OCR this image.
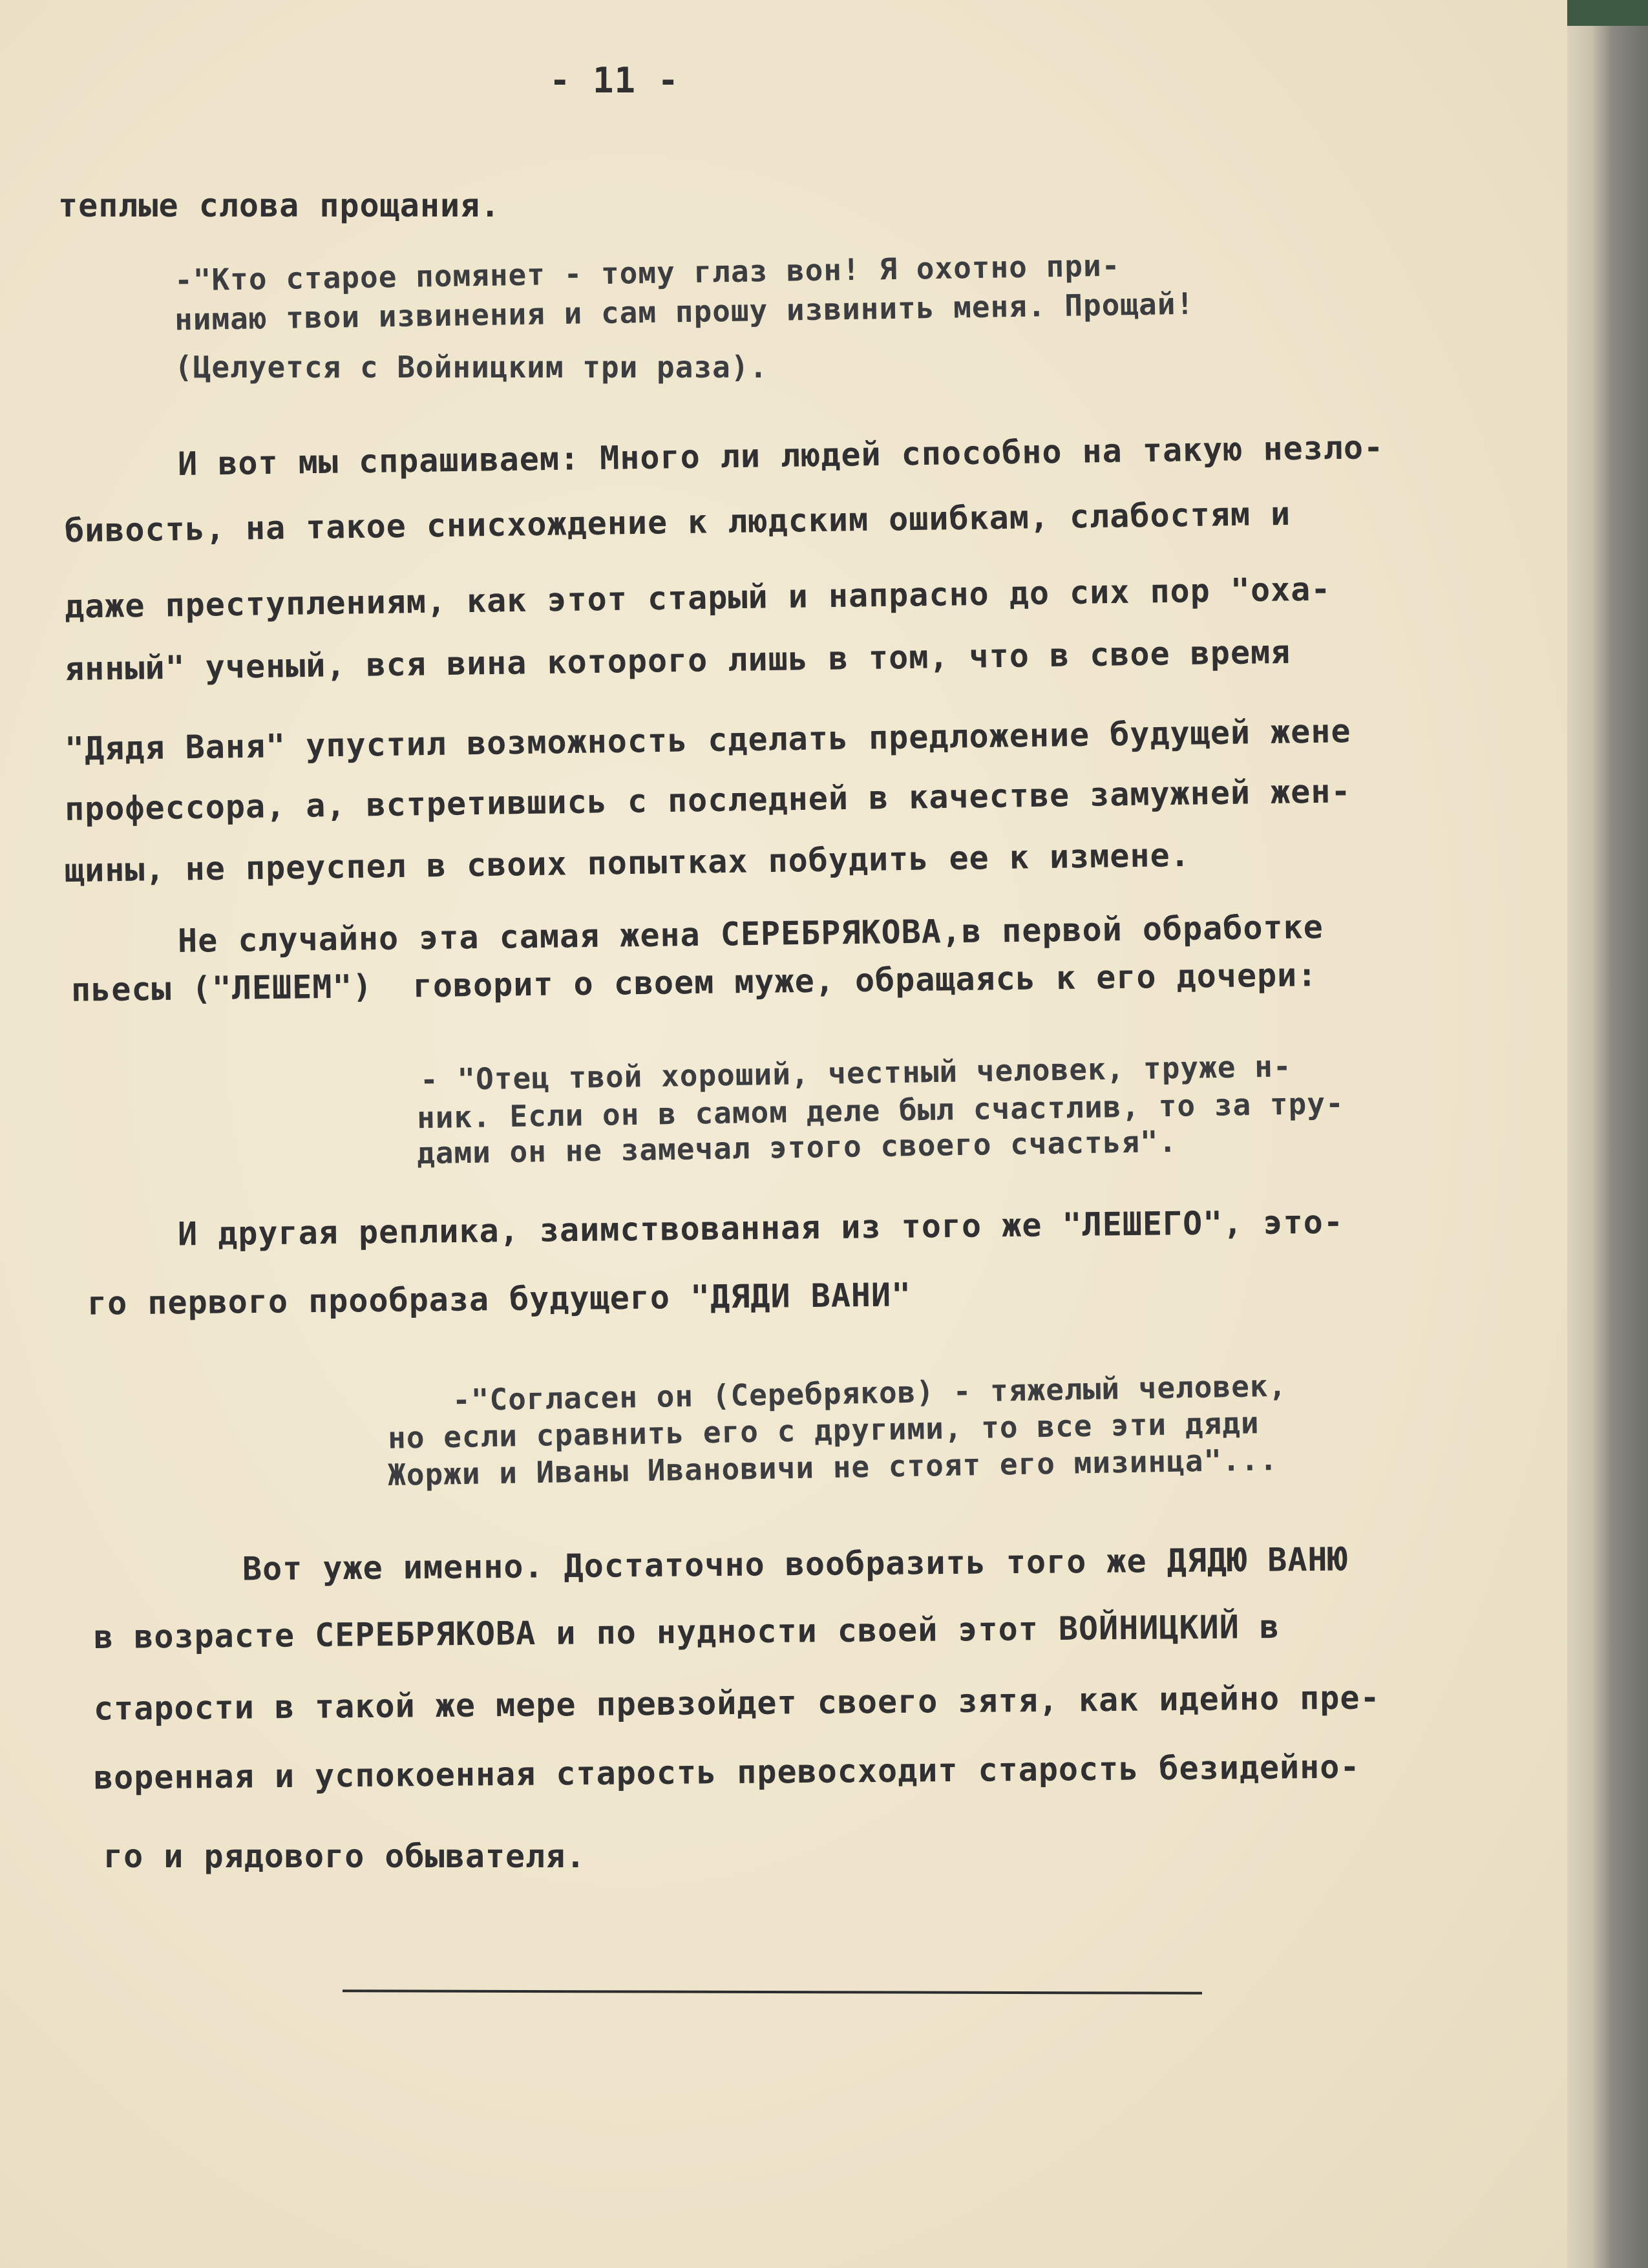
- 11 -
теплые слова прощания.
-"Кто старое помянет - тому глаз вон! Я охотно при-
нимаю твои извинения и сам прошу извинить меня. Прощай!
(Целуется с Войницким три раза).
И вот мы спрашиваем: Много ли людей способно на такую незло-
бивость, на такое снисхождение к людским ошибкам, слабостям и
даже преступлениям, как этот старый и напрасно до сих пор "оха-
янный" ученый, вся вина которого лишь в том, что в свое время
"Дядя Ваня" упустил возможность сделать предложение будущей жене
профессора, а, встретившись с последней в качестве замужней жен-
щины, не преуспел в своих попытках побудить ее к измене.
Не случайно эта самая жена СЕРЕБРЯКОВА,в первой обработке
пьесы ("ЛЕШЕМ")  говорит о своем муже, обращаясь к его дочери:
- "Отец твой хороший, честный человек, труже н-
ник. Если он в самом деле был счастлив, то за тру-
дами он не замечал этого своего счастья".
И другая реплика, заимствованная из того же "ЛЕШЕГО", это-
го первого прообраза будущего "ДЯДИ ВАНИ"
-"Согласен он (Серебряков) - тяжелый человек,
но если сравнить его с другими, то все эти дяди
Жоржи и Иваны Ивановичи не стоят его мизинца"...
Вот уже именно. Достаточно вообразить того же ДЯДЮ ВАНЮ
в возрасте СЕРЕБРЯКОВА и по нудности своей этот ВОЙНИЦКИЙ в
старости в такой же мере превзойдет своего зятя, как идейно пре-
воренная и успокоенная старость превосходит старость безидейно-
го и рядового обывателя.
